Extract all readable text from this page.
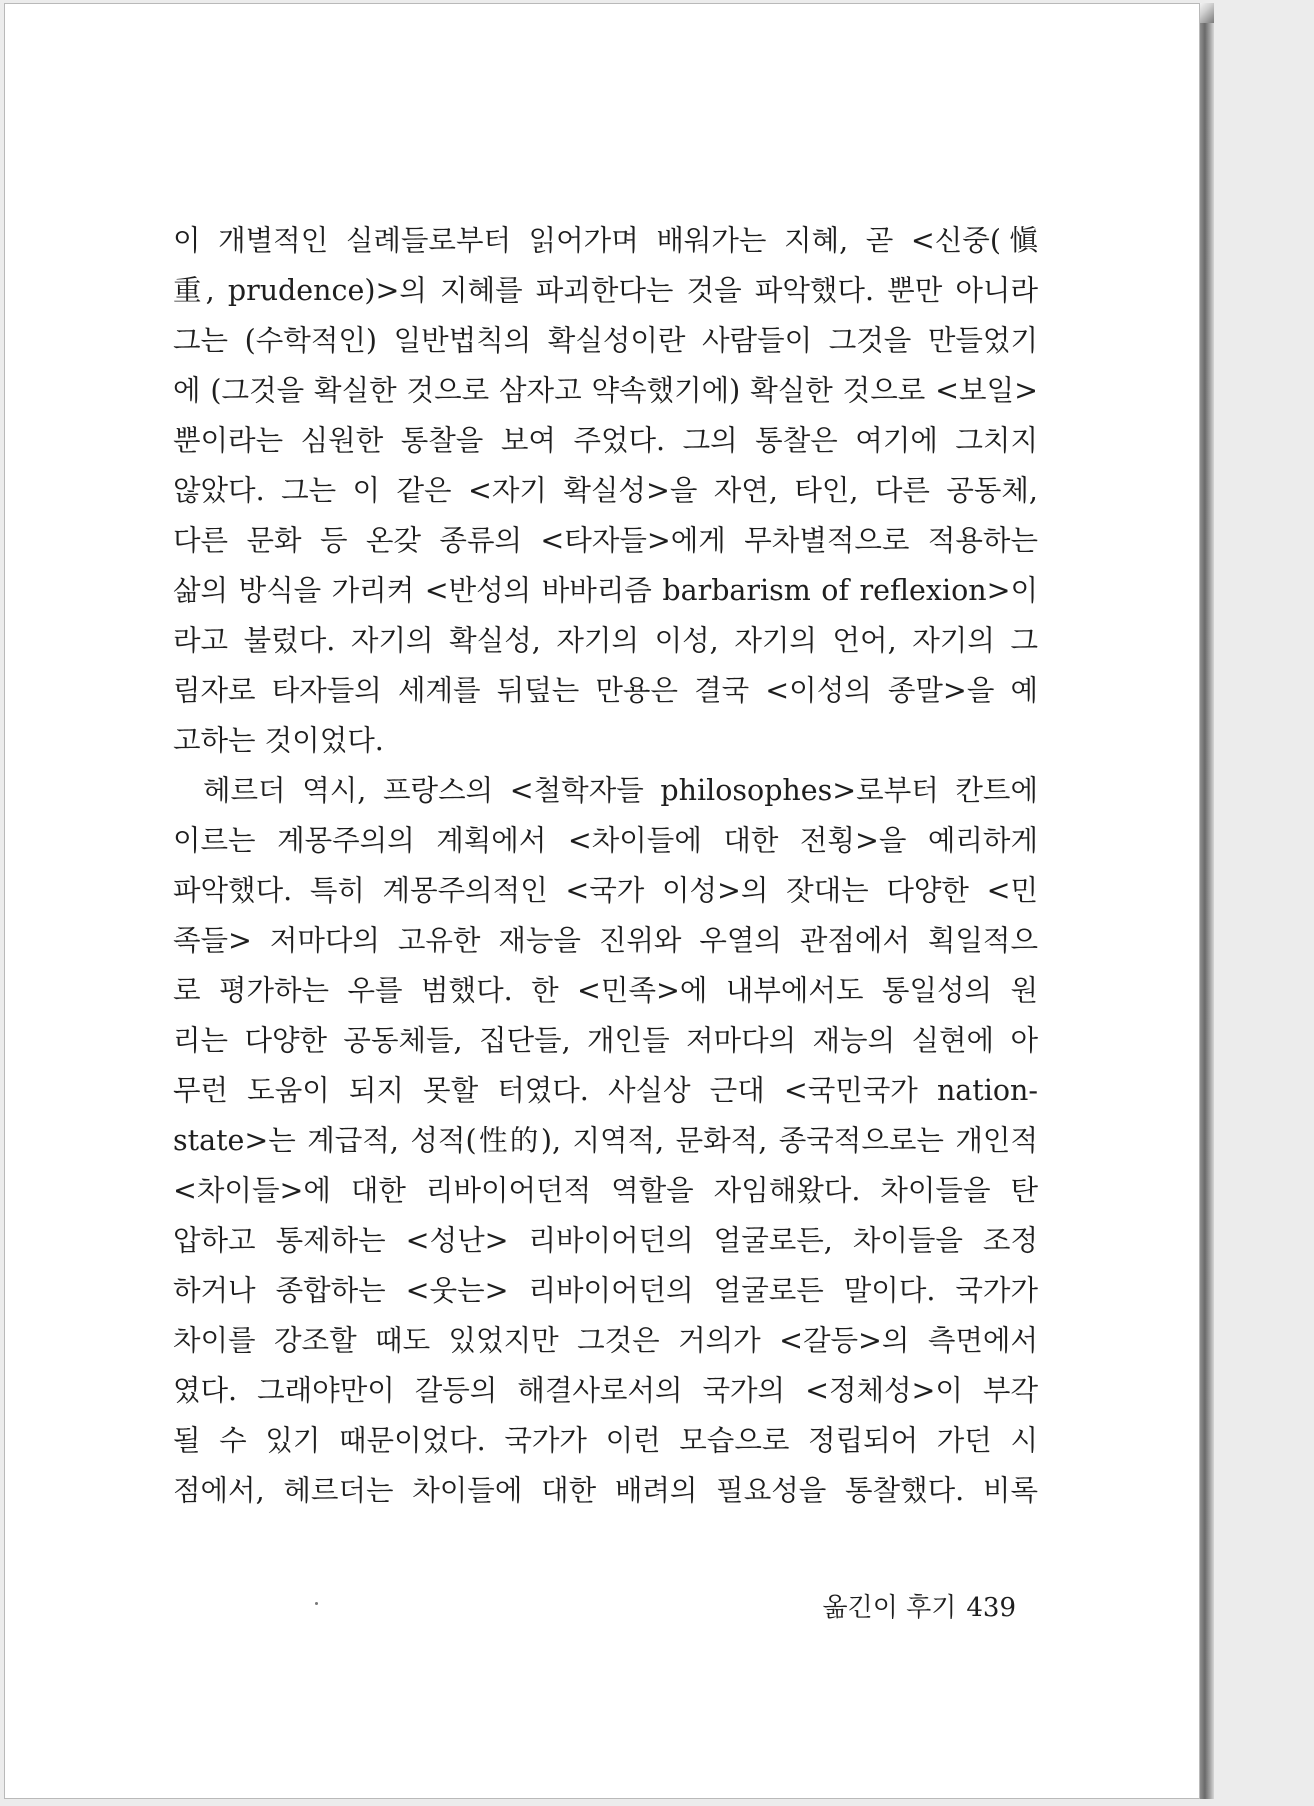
이 개별적인 실례들로부터 읽어가며 배워가는 지혜, 곧 <신중(愼
重, prudence)>의 지혜를 파괴한다는 것을 파악했다. 뿐만 아니라
그는 (수학적인) 일반법칙의 확실성이란 사람들이 그것을 만들었기
에 (그것을 확실한 것으로 삼자고 약속했기에) 확실한 것으로 <보일>
뿐이라는 심원한 통찰을 보여 주었다. 그의 통찰은 여기에 그치지
않았다. 그는 이 같은 <자기 확실성>을 자연, 타인, 다른 공동체,
다른 문화 등 온갖 종류의 <타자들>에게 무차별적으로 적용하는
삶의 방식을 가리켜 <반성의 바바리즘 barbarism of reflexion>이
라고 불렀다. 자기의 확실성, 자기의 이성, 자기의 언어, 자기의 그
림자로 타자들의 세계를 뒤덮는 만용은 결국 <이성의 종말>을 예
고하는 것이었다.
헤르더 역시, 프랑스의 <철학자들 philosophes>로부터 칸트에
이르는 계몽주의의 계획에서 <차이들에 대한 전횡>을 예리하게
파악했다. 특히 계몽주의적인 <국가 이성>의 잣대는 다양한 <민
족들> 저마다의 고유한 재능을 진위와 우열의 관점에서 획일적으
로 평가하는 우를 범했다. 한 <민족>에 내부에서도 통일성의 원
리는 다양한 공동체들, 집단들, 개인들 저마다의 재능의 실현에 아
무런 도움이 되지 못할 터였다. 사실상 근대 <국민국가 nation-
state>는 계급적, 성적(性的), 지역적, 문화적, 종국적으로는 개인적
<차이들>에 대한 리바이어던적 역할을 자임해왔다. 차이들을 탄
압하고 통제하는 <성난> 리바이어던의 얼굴로든, 차이들을 조정
하거나 종합하는 <웃는> 리바이어던의 얼굴로든 말이다. 국가가
차이를 강조할 때도 있었지만 그것은 거의가 <갈등>의 측면에서
였다. 그래야만이 갈등의 해결사로서의 국가의 <정체성>이 부각
될 수 있기 때문이었다. 국가가 이런 모습으로 정립되어 가던 시
점에서, 헤르더는 차이들에 대한 배려의 필요성을 통찰했다. 비록
옮긴이 후기 439
